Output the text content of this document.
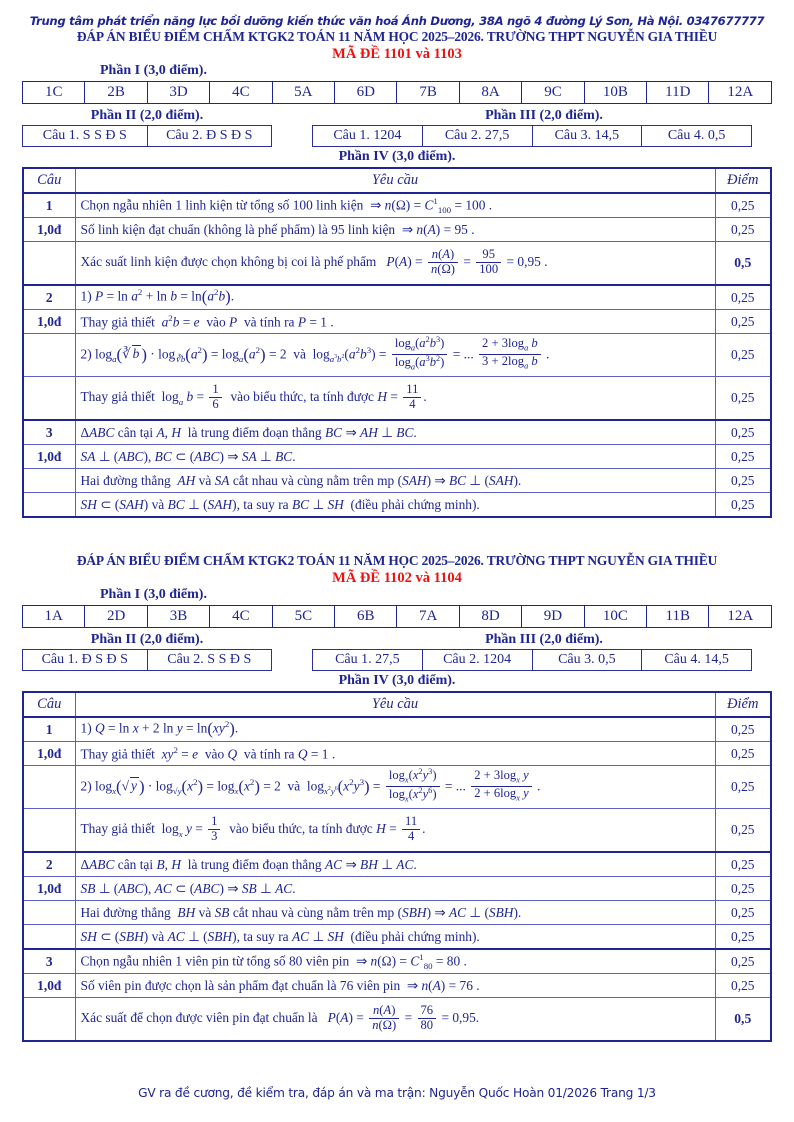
Trung tâm phát triển năng lực bồi dưỡng kiến thức văn hoá Ánh Dương, 38A ngõ 4 đường Lý Sơn, Hà Nội. 0347677777
ĐÁP ÁN BIỂU ĐIỂM CHẤM KTGK2 TOÁN 11 NĂM HỌC 2025–2026. TRƯỜNG THPT NGUYỄN GIA THIỀU
MÃ ĐỀ 1101 và 1103
Phần I (3,0 điểm).
1C	2B	3D	4C	5A	6D	7B	8A	9C	10B	11D	12A
Phần II (2,0 điểm).
Câu 1. S S Đ S	Câu 2. Đ S Đ S
Phần III (2,0 điểm).
Câu 1. 1204	Câu 2. 27,5	Câu 3. 14,5	Câu 4. 0,5
Phần IV (3,0 điểm).
Câu	Yêu cầu	Điểm
1	Chọn ngẫu nhiên 1 linh kiện từ tổng số 100 linh kiện  ⇒ $n(\Omega) = C^1_{100} = 100$ .	0,25
1,0đ	Số linh kiện đạt chuẩn (không là phế phẩm) là 95 linh kiện  ⇒ n(A) = 95 .	0,25
	Xác suất linh kiện được chọn không bị coi là phế phẩm   $P(A) = \frac{n(A)}{n(\Omega)} = \frac{95}{100} = 0,95$ .	0,5
2	1) $P = \ln a^2 + \ln b = \ln(a^2b)$.	0,25
1,0đ	Thay giả thiết  $a^2b = e$ vào P và tính ra P = 1 .	0,25
	2) $\log_a(∛$ b ) · $\log_{∛b}(a^2) = \log_a(a^2) = 2$  và  $\log_{a^3b^2}(a^2b^3) = \frac{\log_a(a^2b^3)}{\log_a(a^3b^2)}$ = ... $\frac{2 + 3\log_a b}{3 + 2\log_a b}$ .	0,25
	Thay giả thiết  $\log_a b = \frac{1}{6}$ vào biểu thức, ta tính được $H = \frac{11}{4}$ .	0,25
3	ΔABC cân tại A, H là trung điểm đoạn thẳng BC ⇒ AH ⊥ BC.	0,25
1,0đ	SA ⊥ (ABC), BC ⊂ (ABC) ⇒ SA ⊥ BC.	0,25
	Hai đường thẳng  AH và SA cắt nhau và cùng nằm trên mp (SAH) ⇒ BC ⊥ (SAH).	0,25
	SH ⊂ (SAH) và BC ⊥ (SAH), ta suy ra BC ⊥ SH (điều phải chứng minh).	0,25
ĐÁP ÁN BIỂU ĐIỂM CHẤM KTGK2 TOÁN 11 NĂM HỌC 2025–2026. TRƯỜNG THPT NGUYỄN GIA THIỀU
MÃ ĐỀ 1102 và 1104
Phần I (3,0 điểm).
1A	2D	3B	4C	5C	6B	7A	8D	9D	10C	11B	12A
Phần II (2,0 điểm).
Câu 1. Đ S Đ S	Câu 2. S S Đ S
Phần III (2,0 điểm).
Câu 1. 27,5	Câu 2. 1204	Câu 3. 0,5	Câu 4. 14,5
Phần IV (3,0 điểm).
Câu	Yêu cầu	Điểm
1	1) Q = ln x + 2 $\ln y = \ln(xy^2)$.	0,25
1,0đ	Thay giả thiết  $xy^2 = e$ vào Q và tính ra Q = 1 .	0,25
	2) $\log_x(√$ y ) · $\log_{√y}(x^2) = \log_x(x^2) = 2$  và  $\log_{x^2y^6}(x^2y^3) = \frac{\log_x(x^2y^3)}{\log_x(x^2y^6)}$ = ... $\frac{2 + 3\log_x y}{2 + 6\log_x y}$ .	0,25
	Thay giả thiết  $\log_x y = \frac{1}{3}$ vào biểu thức, ta tính được $H = \frac{11}{4}$ .	0,25
2	ΔABC cân tại B, H là trung điểm đoạn thẳng AC ⇒ BH ⊥ AC.	0,25
1,0đ	SB ⊥ (ABC), AC ⊂ (ABC) ⇒ SB ⊥ AC.	0,25
	Hai đường thẳng  BH và SB cắt nhau và cùng nằm trên mp (SBH) ⇒ AC ⊥ (SBH).	0,25
	SH ⊂ (SBH) và AC ⊥ (SBH), ta suy ra AC ⊥ SH (điều phải chứng minh).	0,25
3	Chọn ngẫu nhiên 1 viên pin từ tổng số 80 viên pin  ⇒ $n(\Omega) = C^1_{80} = 80$ .	0,25
1,0đ	Số viên pin được chọn là sản phẩm đạt chuẩn là 76 viên pin  ⇒ n(A) = 76 .	0,25
	Xác suất để chọn được viên pin đạt chuẩn là   $P(A) = \frac{n(A)}{n(\Omega)} = \frac{76}{80} = 0,95$.	0,5
GV ra đề cương, đề kiểm tra, đáp án và ma trận: Nguyễn Quốc Hoàn 01/2026 Trang 1/3
